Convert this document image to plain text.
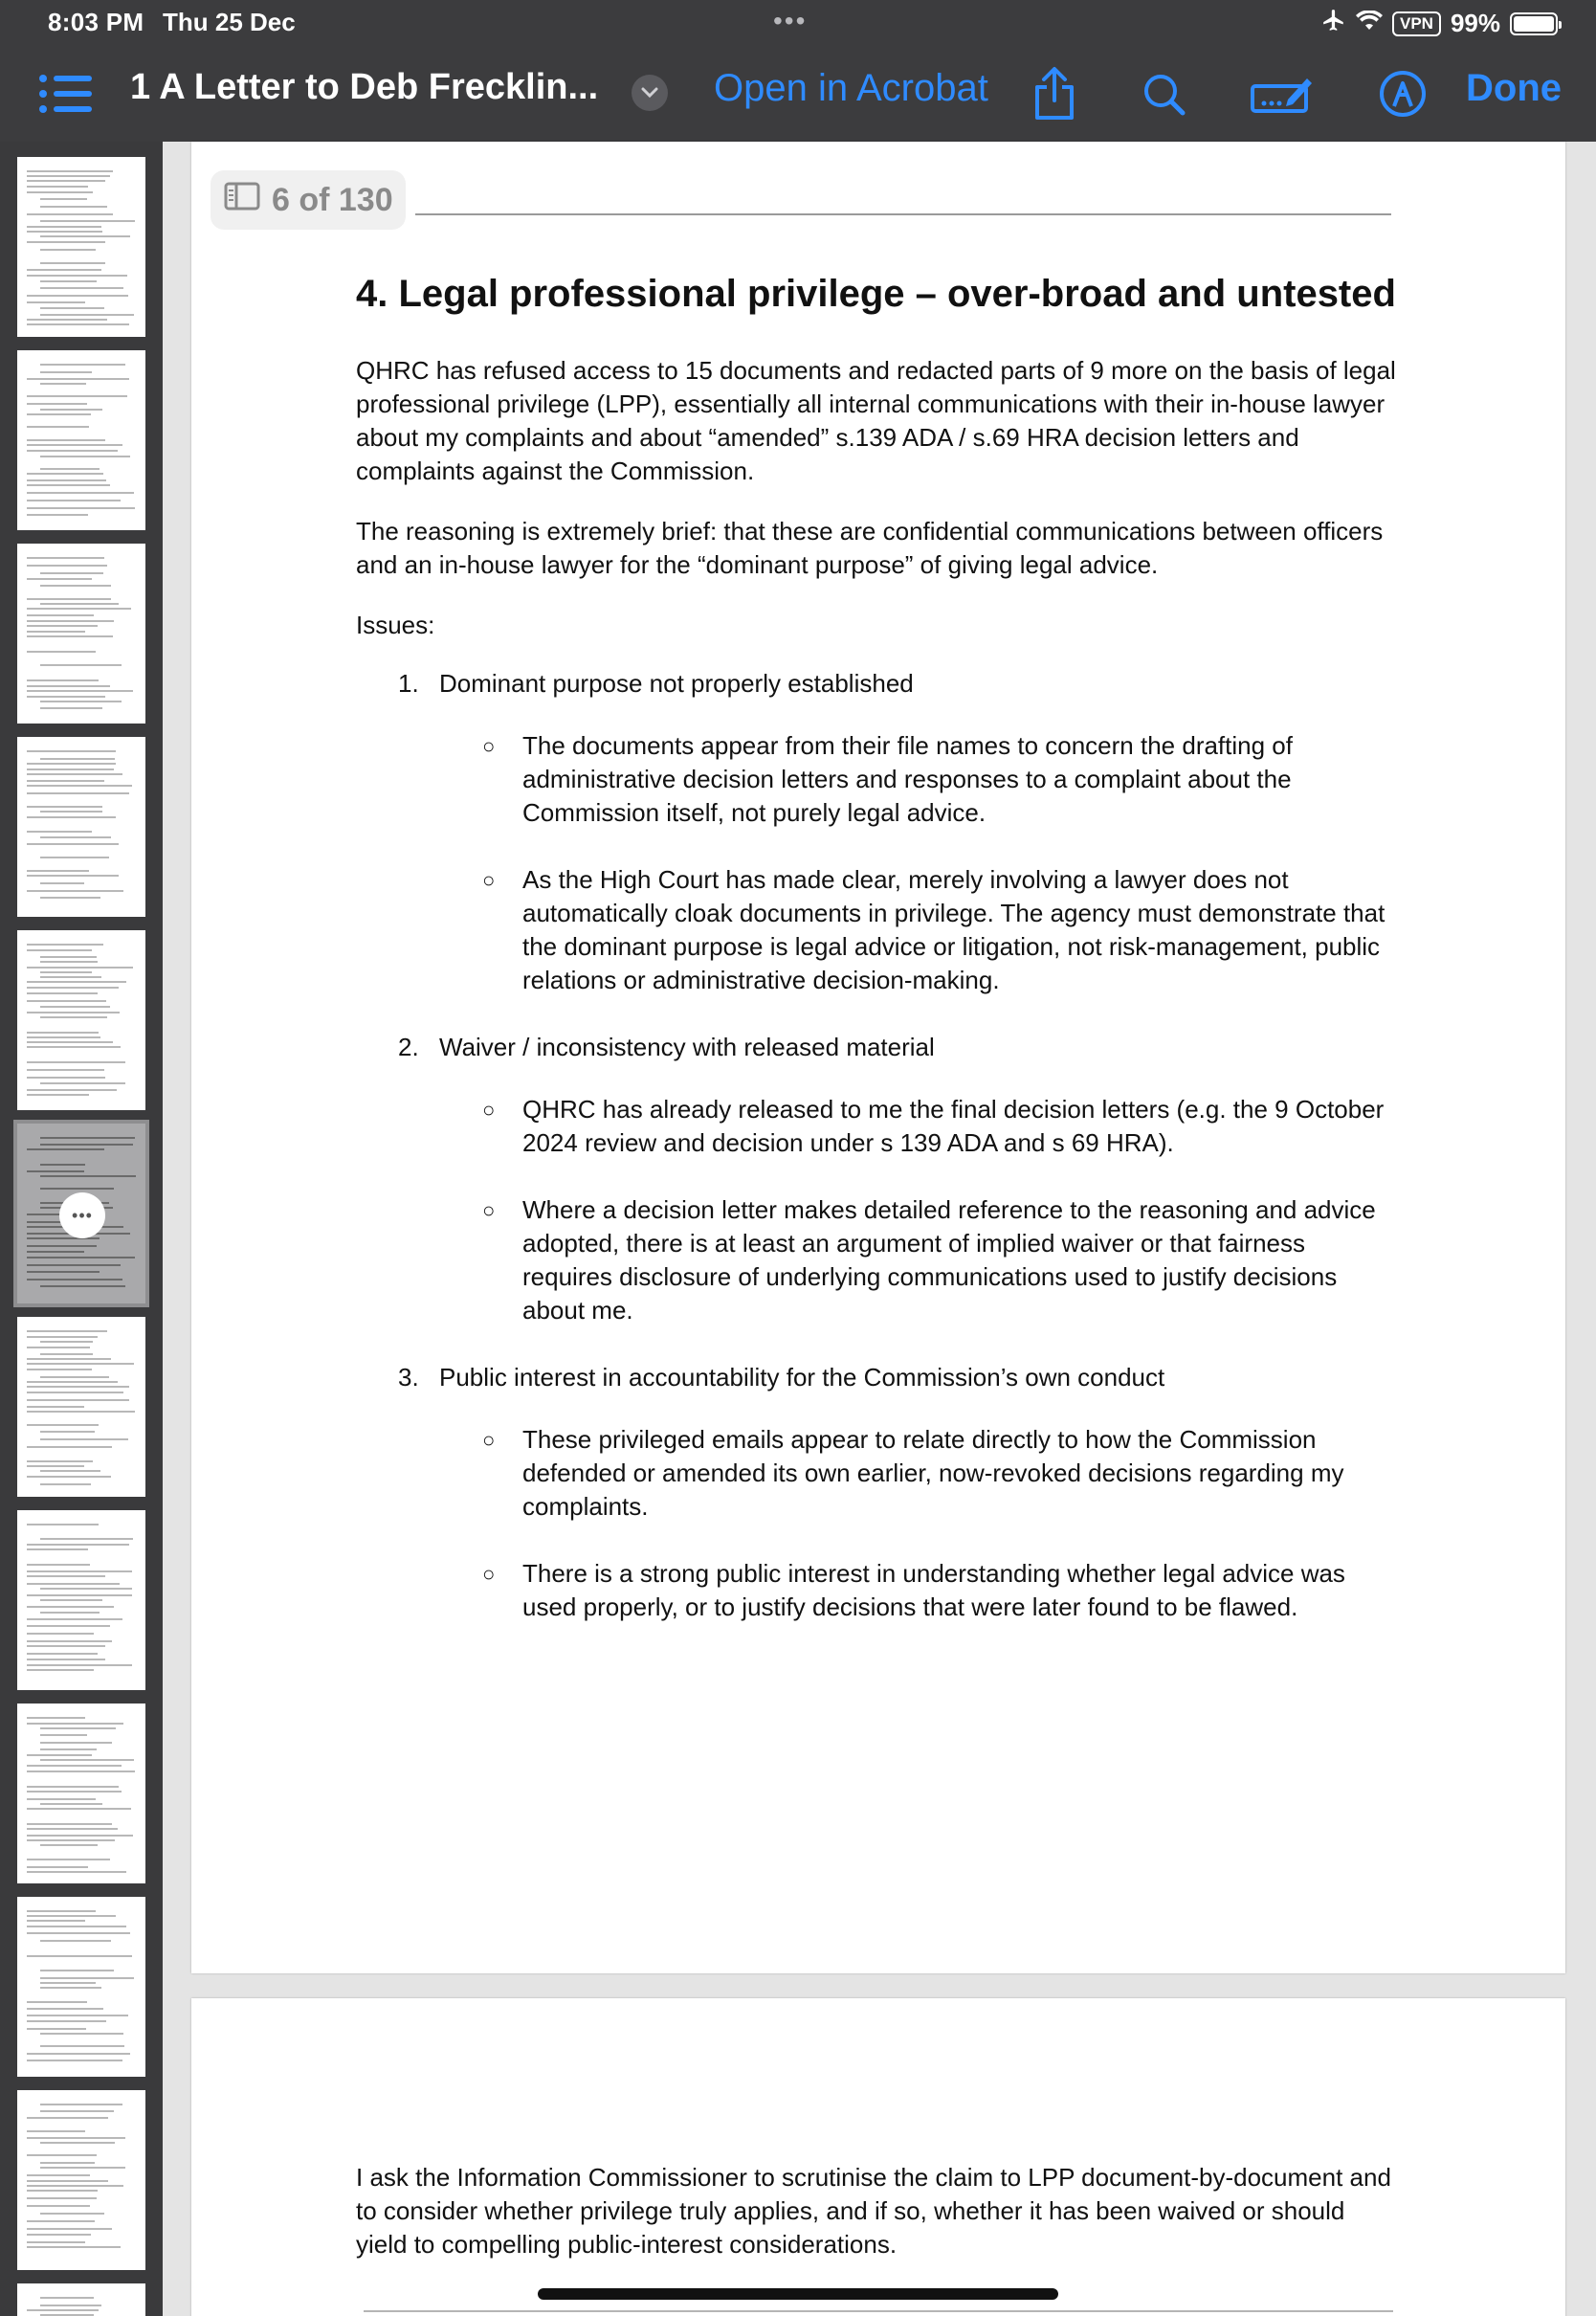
8:03 PM Thu 25 Dec	•••	VPN 99%
1 A Letter to Deb Frecklin...	Open in Acrobat	Done
•••
6 of 130
4. Legal professional privilege – over-broad and untested
QHRC has refused access to 15 documents and redacted parts of 9 more on the basis of legal professional privilege (LPP), essentially all internal communications with their in-house lawyer about my complaints and about “amended” s.139 ADA / s.69 HRA decision letters and complaints against the Commission.
The reasoning is extremely brief: that these are confidential communications between officers and an in-house lawyer for the “dominant purpose” of giving legal advice.
Issues:
1. Dominant purpose not properly established
○ The documents appear from their file names to concern the drafting of administrative decision letters and responses to a complaint about the Commission itself, not purely legal advice.
○ As the High Court has made clear, merely involving a lawyer does not automatically cloak documents in privilege. The agency must demonstrate that the dominant purpose is legal advice or litigation, not risk-management, public relations or administrative decision-making.
2. Waiver / inconsistency with released material
○ QHRC has already released to me the final decision letters (e.g. the 9 October 2024 review and decision under s 139 ADA and s 69 HRA).
○ Where a decision letter makes detailed reference to the reasoning and advice adopted, there is at least an argument of implied waiver or that fairness requires disclosure of underlying communications used to justify decisions about me.
3. Public interest in accountability for the Commission’s own conduct
○ These privileged emails appear to relate directly to how the Commission defended or amended its own earlier, now-revoked decisions regarding my complaints.
○ There is a strong public interest in understanding whether legal advice was used properly, or to justify decisions that were later found to be flawed.
I ask the Information Commissioner to scrutinise the claim to LPP document-by-document and to consider whether privilege truly applies, and if so, whether it has been waived or should yield to compelling public-interest considerations.
